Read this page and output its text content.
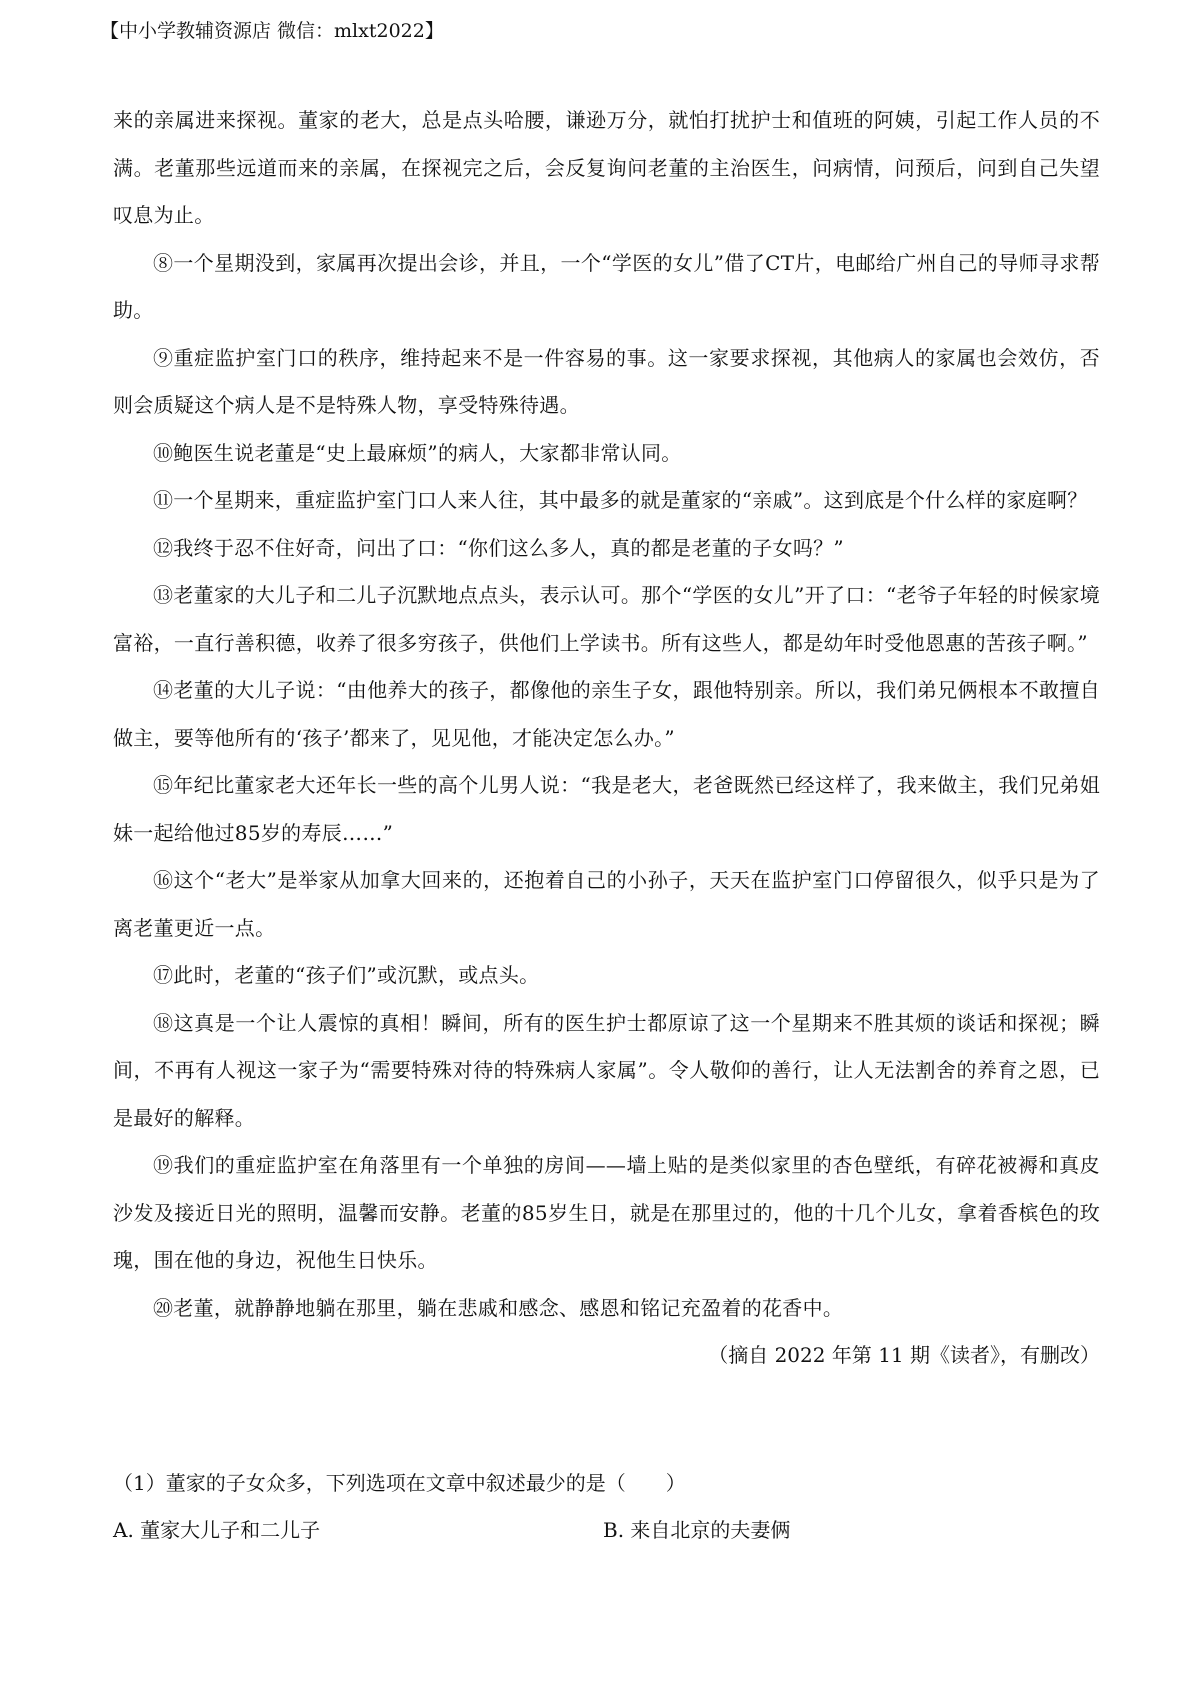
【中小学教辅资源店 微信：mlxt2022】

来的亲属进来探视。董家的老大，总是点头哈腰，谦逊万分，就怕打扰护士和值班的阿姨，引起工作人员的不满。老董那些远道而来的亲属，在探视完之后，会反复询问老董的主治医生，问病情，问预后，问到自己失望叹息为止。

⑧一个星期没到，家属再次提出会诊，并且，一个“学医的女儿”借了CT片，电邮给广州自己的导师寻求帮助。

⑨重症监护室门口的秩序，维持起来不是一件容易的事。这一家要求探视，其他病人的家属也会效仿，否则会质疑这个病人是不是特殊人物，享受特殊待遇。

⑩鲍医生说老董是“史上最麻烦”的病人，大家都非常认同。

⑪一个星期来，重症监护室门口人来人往，其中最多的就是董家的“亲戚”。这到底是个什么样的家庭啊？

⑫我终于忍不住好奇，问出了口：“你们这么多人，真的都是老董的子女吗？”

⑬老董家的大儿子和二儿子沉默地点点头，表示认可。那个“学医的女儿”开了口：“老爷子年轻的时候家境富裕，一直行善积德，收养了很多穷孩子，供他们上学读书。所有这些人，都是幼年时受他恩惠的苦孩子啊。”

⑭老董的大儿子说：“由他养大的孩子，都像他的亲生子女，跟他特别亲。所以，我们弟兄俩根本不敢擅自做主，要等他所有的‘孩子’都来了，见见他，才能决定怎么办。”

⑮年纪比董家老大还年长一些的高个儿男人说：“我是老大，老爸既然已经这样了，我来做主，我们兄弟姐妹一起给他过85岁的寿辰……”

⑯这个“老大”是举家从加拿大回来的，还抱着自己的小孙子，天天在监护室门口停留很久，似乎只是为了离老董更近一点。

⑰此时，老董的“孩子们”或沉默，或点头。

⑱这真是一个让人震惊的真相！瞬间，所有的医生护士都原谅了这一个星期来不胜其烦的谈话和探视；瞬间，不再有人视这一家子为“需要特殊对待的特殊病人家属”。令人敬仰的善行，让人无法割舍的养育之恩，已是最好的解释。

⑲我们的重症监护室在角落里有一个单独的房间——墙上贴的是类似家里的杏色壁纸，有碎花被褥和真皮沙发及接近日光的照明，温馨而安静。老董的85岁生日，就是在那里过的，他的十几个儿女，拿着香槟色的玫瑰，围在他的身边，祝他生日快乐。

⑳老董，就静静地躺在那里，躺在悲戚和感念、感恩和铭记充盈着的花香中。

（摘自 2022 年第 11 期《读者》，有删改）

（1）董家的子女众多，下列选项在文章中叙述最少的是（　　）
A. 董家大儿子和二儿子	B. 来自北京的夫妻俩
